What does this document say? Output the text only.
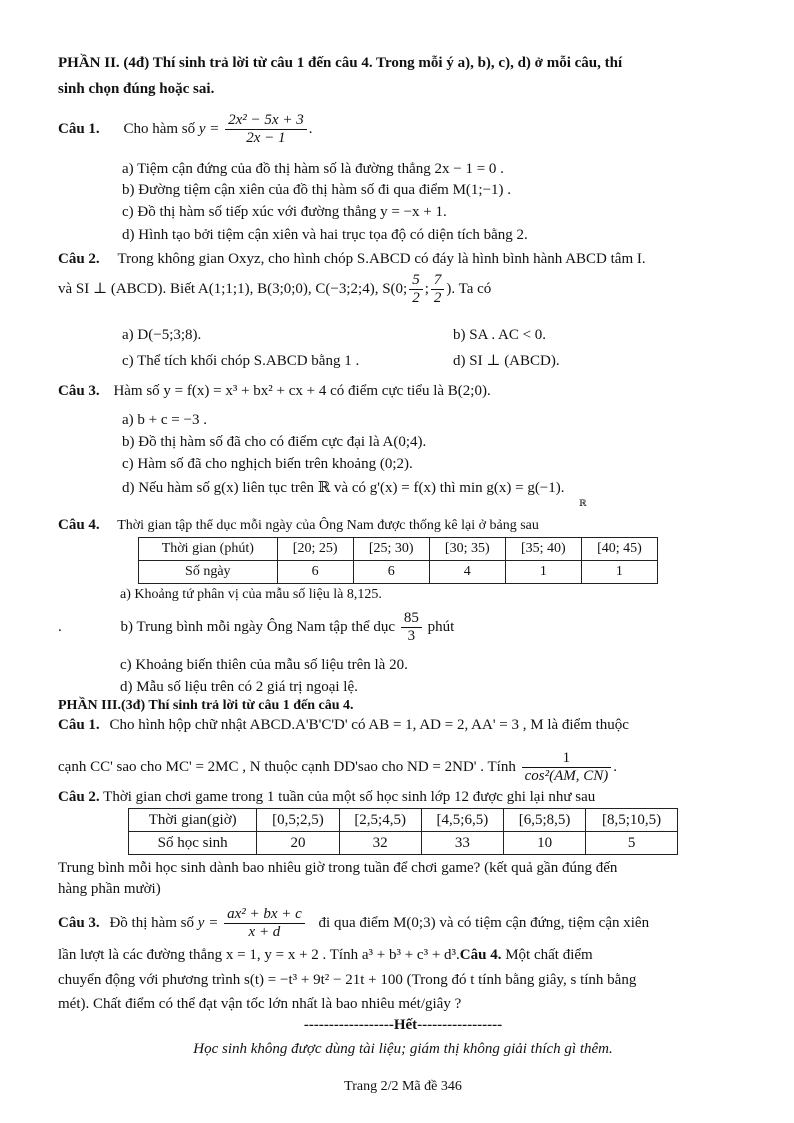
PHẦN II. (4đ) Thí sinh trả lời từ câu 1 đến câu 4. Trong mỗi ý a), b), c), d) ở mỗi câu, thí
sinh chọn đúng hoặc sai.
Câu 1. Cho hàm số $y = \frac{\text{2x² − 5x + 3}}{2x - 1}$ .
a) Tiệm cận đứng của đồ thị hàm số là đường thẳng 2x − 1 = 0 .
b) Đường tiệm cận xiên của đồ thị hàm số đi qua điểm M(1;−1) .
c) Đồ thị hàm số tiếp xúc với đường thẳng y = −x + 1.
d) Hình tạo bởi tiệm cận xiên và hai trục tọa độ có diện tích bằng 2.
Câu 2. Trong không gian Oxyz, cho hình chóp S.ABCD có đáy là hình bình hành ABCD tâm I.
và SI ⊥ (ABCD). Biết A(1;1;1), B(3;0;0), C(−3;2;4), S(0; $\frac{5}{2}$ ; $\frac{7}{2}$ ). Ta có
a) D(−5;3;8).	b) SA . AC < 0.
c) Thể tích khối chóp S.ABCD bằng 1 .	d) SI ⊥ (ABCD).
Câu 3. Hàm số y = f(x) = x³ + bx² + cx + 4 có điểm cực tiểu là B(2;0).
a) b + c = −3 .
b) Đồ thị hàm số đã cho có điểm cực đại là A(0;4).
c) Hàm số đã cho nghịch biến trên khoảng (0;2).
d) Nếu hàm số g(x) liên tục trên ℝ và có g'(x) = f(x) thì min g(x) = g(−1).
ℝ
Câu 4. Thời gian tập thể dục mỗi ngày của Ông Nam được thống kê lại ở bảng sau
Thời gian (phút)	[20; 25)	[25; 30)	[30; 35)	[35; 40)	[40; 45)
Số ngày	6	6	4	1	1
a) Khoảng tứ phân vị của mẫu số liệu là 8,125.
.	b) Trung bình mỗi ngày Ông Nam tập thể dục $\frac{85}{3}$ phút
c) Khoảng biến thiên của mẫu số liệu trên là 20.
d) Mẫu số liệu trên có 2 giá trị ngoại lệ.
PHẦN III.(3đ) Thí sinh trả lời từ câu 1 đến câu 4.
Câu 1. Cho hình hộp chữ nhật ABCD.A'B'C'D' có AB = 1, AD = 2, AA' = 3 , M là điểm thuộc
cạnh CC' sao cho MC' = 2MC , N thuộc cạnh DD'sao cho ND = 2ND' . Tính $\frac{1}{\text{cos²(AM, CN)}}$ .
Câu 2. Thời gian chơi game trong 1 tuần của một số học sinh lớp 12 được ghi lại như sau
Thời gian(giờ)	[0,5;2,5)	[2,5;4,5)	[4,5;6,5)	[6,5;8,5)	[8,5;10,5)
Số học sinh	20	32	33	10	5
Trung bình mỗi học sinh dành bao nhiêu giờ trong tuần để chơi game? (kết quả gần đúng đến
hàng phần mười)
Câu 3. Đồ thị hàm số $y = \frac{\text{ax² + bx + c}}{x + d}$ đi qua điểm M(0;3) và có tiệm cận đứng, tiệm cận xiên
lần lượt là các đường thẳng x = 1, y = x + 2 . Tính a³ + b³ + c³ + d³.Câu 4. Một chất điểm
chuyển động với phương trình s(t) = −t³ + 9t² − 21t + 100 (Trong đó t tính bằng giây, s tính bằng
mét). Chất điểm có thể đạt vận tốc lớn nhất là bao nhiêu mét/giây ?
------------------Hết-----------------
Học sinh không được dùng tài liệu; giám thị không giải thích gì thêm.
Trang 2/2 Mã đề 346
